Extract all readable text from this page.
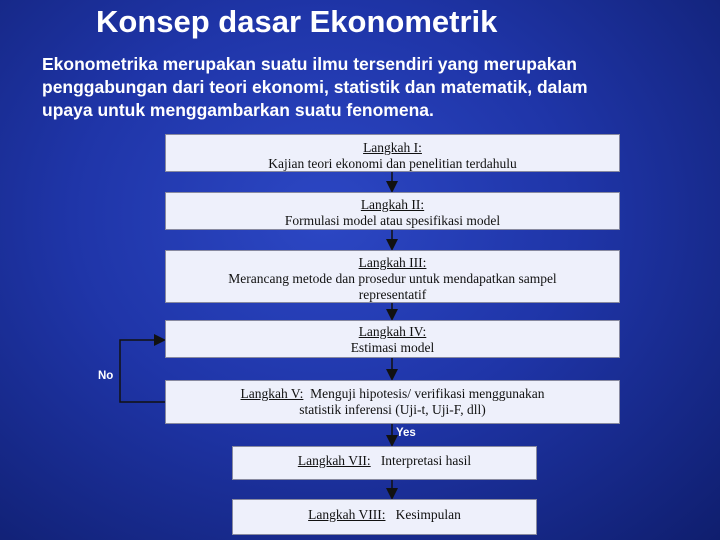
Konsep dasar Ekonometrik
Ekonometrika merupakan suatu ilmu tersendiri yang merupakan
penggabungan dari teori ekonomi, statistik dan matematik, dalam
upaya untuk menggambarkan suatu fenomena.
Langkah I:
Kajian teori ekonomi dan penelitian terdahulu
Langkah II:
Formulasi model atau spesifikasi model
Langkah III:
Merancang metode dan prosedur untuk mendapatkan sampel
representatif
Langkah IV:
Estimasi model
Langkah V: Menguji hipotesis/ verifikasi menggunakan
statistik inferensi (Uji-t, Uji-F, dll)
Langkah VII: Interpretasi hasil
Langkah VIII: Kesimpulan
No
Yes
